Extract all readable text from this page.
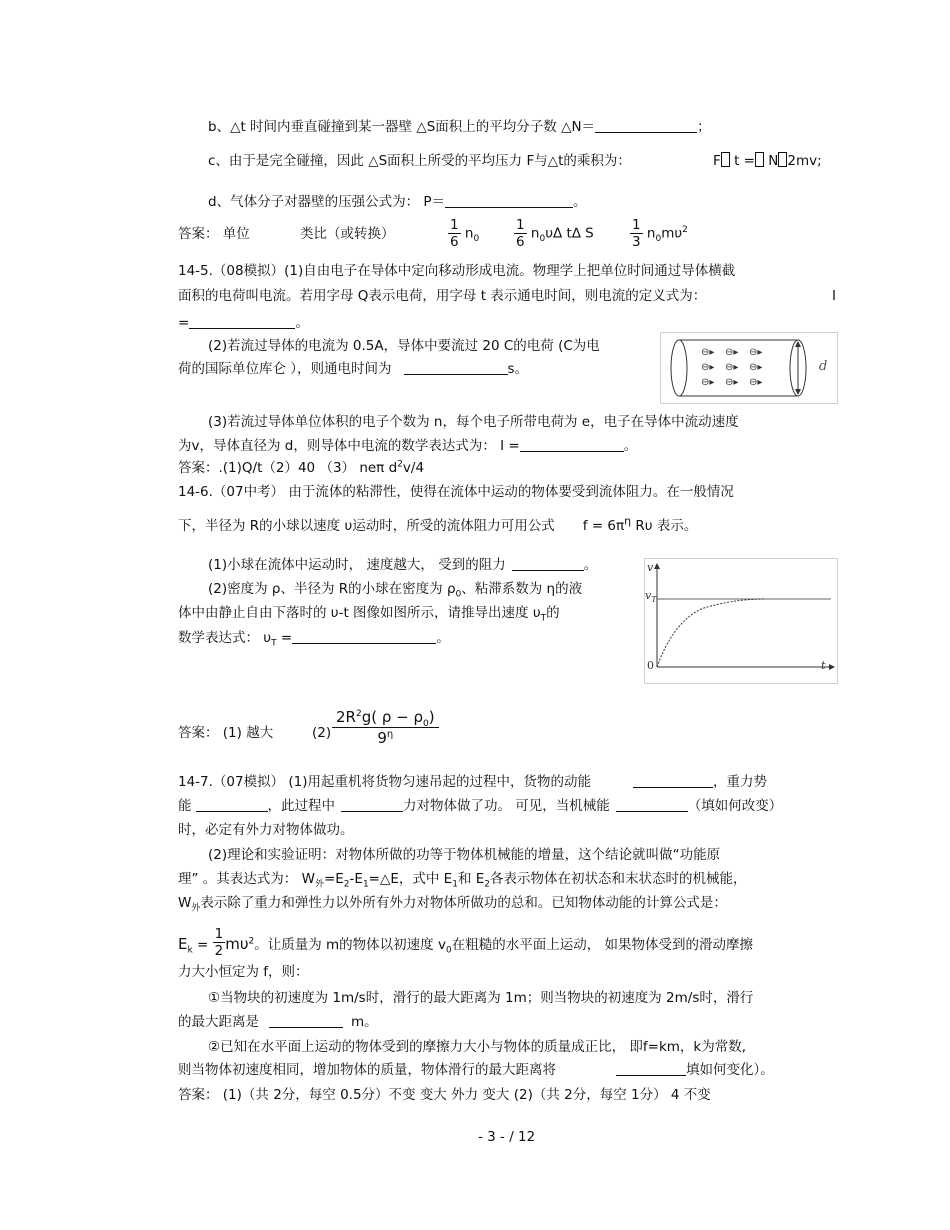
b、△t 时间内垂直碰撞到某一器壁 △S面积上的平均分子数 △N＝	；
c、由于是完全碰撞，因此 △S面积上所受的平均压力 F与△t的乘积为：	F t = N 2mv;
d、气体分子对器壁的压强公式为： P＝	。
答案： 单位	类比（或转换）	$\frac{1}{6} n_0$	$\frac{1}{6} n_0\upsilon\Delta$ t∆ S	$\frac{1}{3} n_0m\upsilon^2$
14-5.（08模拟）(1)自由电子在导体中定向移动形成电流。物理学上把单位时间通过导体横截
面积的电荷叫电流。若用字母 Q表示电荷，用字母 t 表示通电时间，则电流的定义式为：	I
=	。
(2)若流过导体的电流为 0.5A，导体中要流过 20 C的电荷 (C为电
荷的国际单位库仑 ），则通电时间为	s。
⊖▸ ⊖▸ ⊖▸
⊖▸ ⊖▸ ⊖▸
⊖▸ ⊖▸ ⊖▸
d
(3)若流过导体单位体积的电子个数为 n，每个电子所带电荷为 e，电子在导体中流动速度
为v，导体直径为 d，则导体中电流的数学表达式为： I =	。
答案：.(1)Q/t（2）40 （3） neπ $d^2v/4$
14-6.（07中考） 由于流体的粘滞性，使得在流体中运动的物体要受到流体阻力。在一般情况
下，半径为 R的小球以速度 υ运动时，所受的流体阻力可用公式 $f = 6\pi^\eta$ Rυ 表示。
(1)小球在流体中运动时， 速度越大， 受到的阻力	。
(2)密度为 ρ、半径为 R的小球在密度为 $\rho_0$、粘滞系数为 η的液
体中由静止自由下落时的 υ-t 图像如图所示，请推导出速度 $\upsilon_T$的
数学表达式： $\upsilon_T$ =	。
v
$v_T$
0	t
答案： (1) 越大	$(2) \frac{2R^2g( \rho - \rho_0)}{9^\eta}$
14-7.（07模拟） (1)用起重机将货物匀速吊起的过程中，货物的动能	，重力势
能	，此过程中	力对物体做了功。 可见，当机械能	（填如何改变）
时，必定有外力对物体做功。
(2)理论和实验证明：对物体所做的功等于物体机械能的增量，这个结论就叫做“功能原
理” 。其表达式为： $W_外=E_2-E_1=\triangle E$，式中 $E_1$和 $E_2$各表示物体在初状态和末状态时的机械能，
$W_外$表示除了重力和弹性力以外所有外力对物体所做功的总和。已知物体动能的计算公式是：
$E_k = \frac{1}{2} m\upsilon^2$。让质量为 m的物体以初速度 $v_0$在粗糙的水平面上运动， 如果物体受到的滑动摩擦
力大小恒定为 f，则：
①当物块的初速度为 1m/s时，滑行的最大距离为 1m；则当物块的初速度为 2m/s时，滑行
的最大距离是	m。
②已知在水平面上运动的物体受到的摩擦力大小与物体的质量成正比， 即f=km，k为常数,
则当物体初速度相同，增加物体的质量，物体滑行的最大距离将	填如何变化）。
答案： (1)（共 2分，每空 0.5分）不变 变大 外力 变大 (2)（共 2分，每空 1分） 4 不变
- 3 - / 12
